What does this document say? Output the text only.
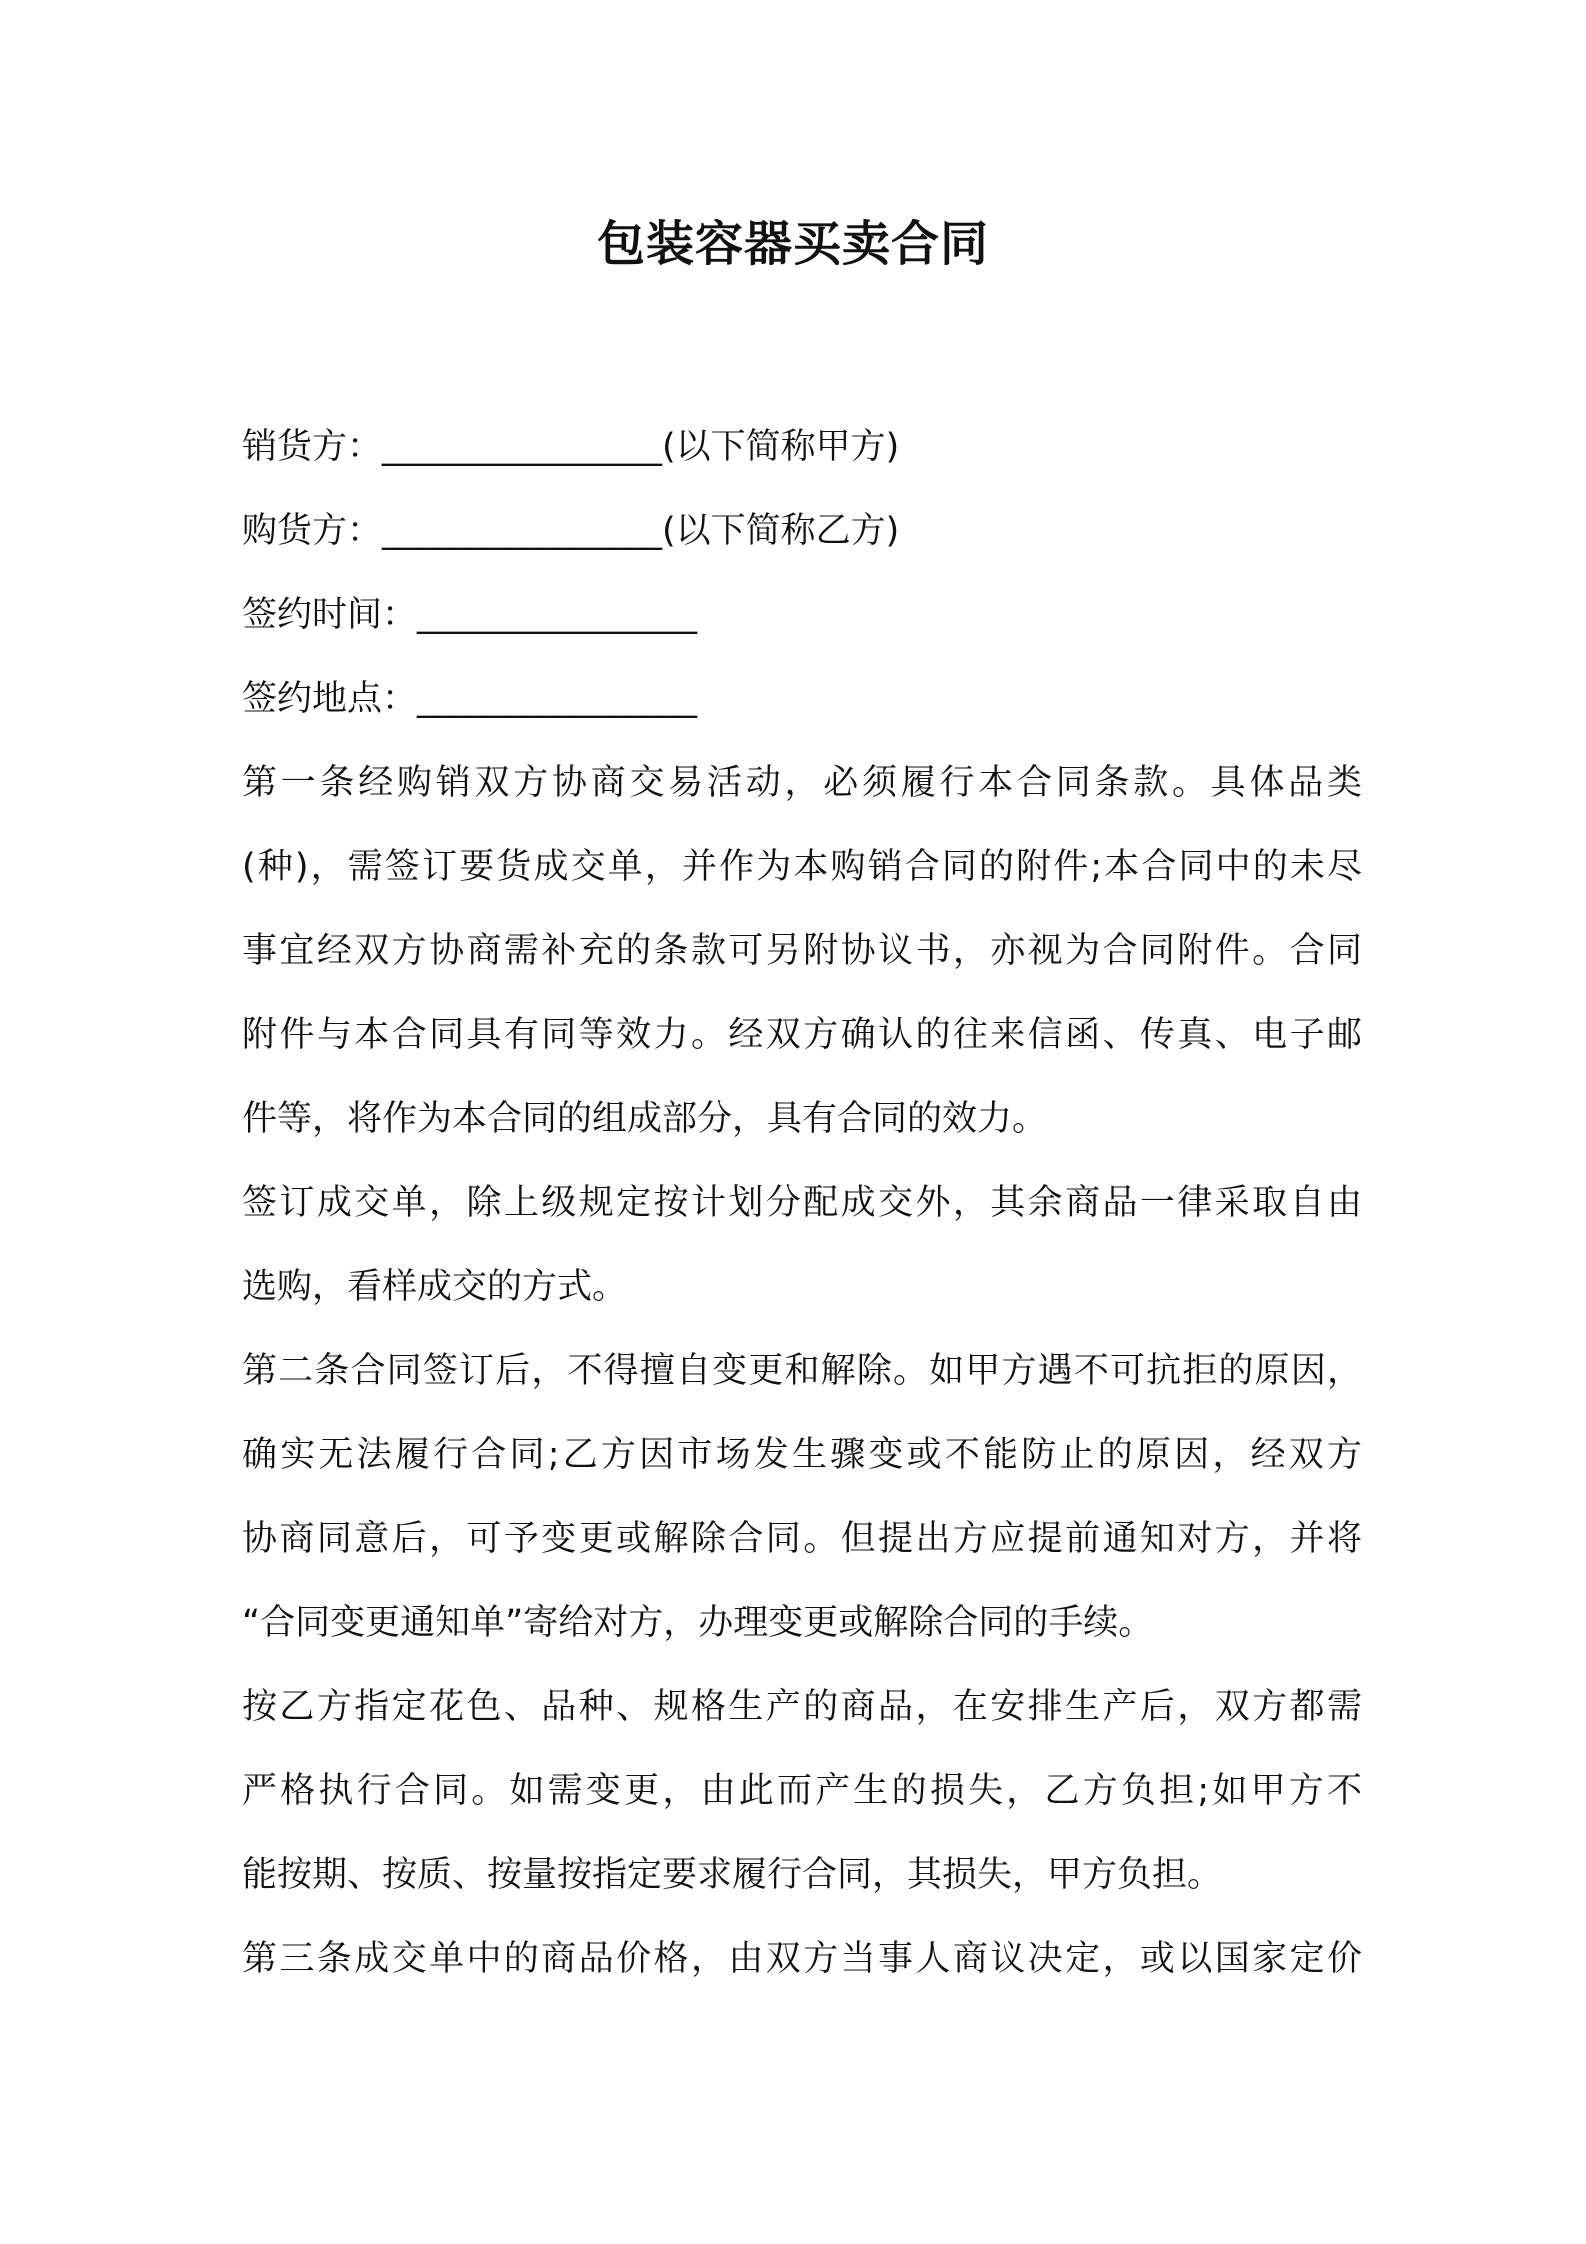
包装容器买卖合同
销货方：________________(以下简称甲方)
购货方：________________(以下简称乙方)
签约时间：________________
签约地点：________________
第一条经购销双方协商交易活动，必须履行本合同条款。具体品类
(种)，需签订要货成交单，并作为本购销合同的附件;本合同中的未尽
事宜经双方协商需补充的条款可另附协议书，亦视为合同附件。合同
附件与本合同具有同等效力。经双方确认的往来信函、传真、电子邮
件等，将作为本合同的组成部分，具有合同的效力。
签订成交单，除上级规定按计划分配成交外，其余商品一律采取自由
选购，看样成交的方式。
第二条合同签订后，不得擅自变更和解除。如甲方遇不可抗拒的原因，
确实无法履行合同;乙方因市场发生骤变或不能防止的原因，经双方
协商同意后，可予变更或解除合同。但提出方应提前通知对方，并将
“合同变更通知单”寄给对方，办理变更或解除合同的手续。
按乙方指定花色、品种、规格生产的商品，在安排生产后，双方都需
严格执行合同。如需变更，由此而产生的损失，乙方负担;如甲方不
能按期、按质、按量按指定要求履行合同，其损失，甲方负担。
第三条成交单中的商品价格，由双方当事人商议决定，或以国家定价
